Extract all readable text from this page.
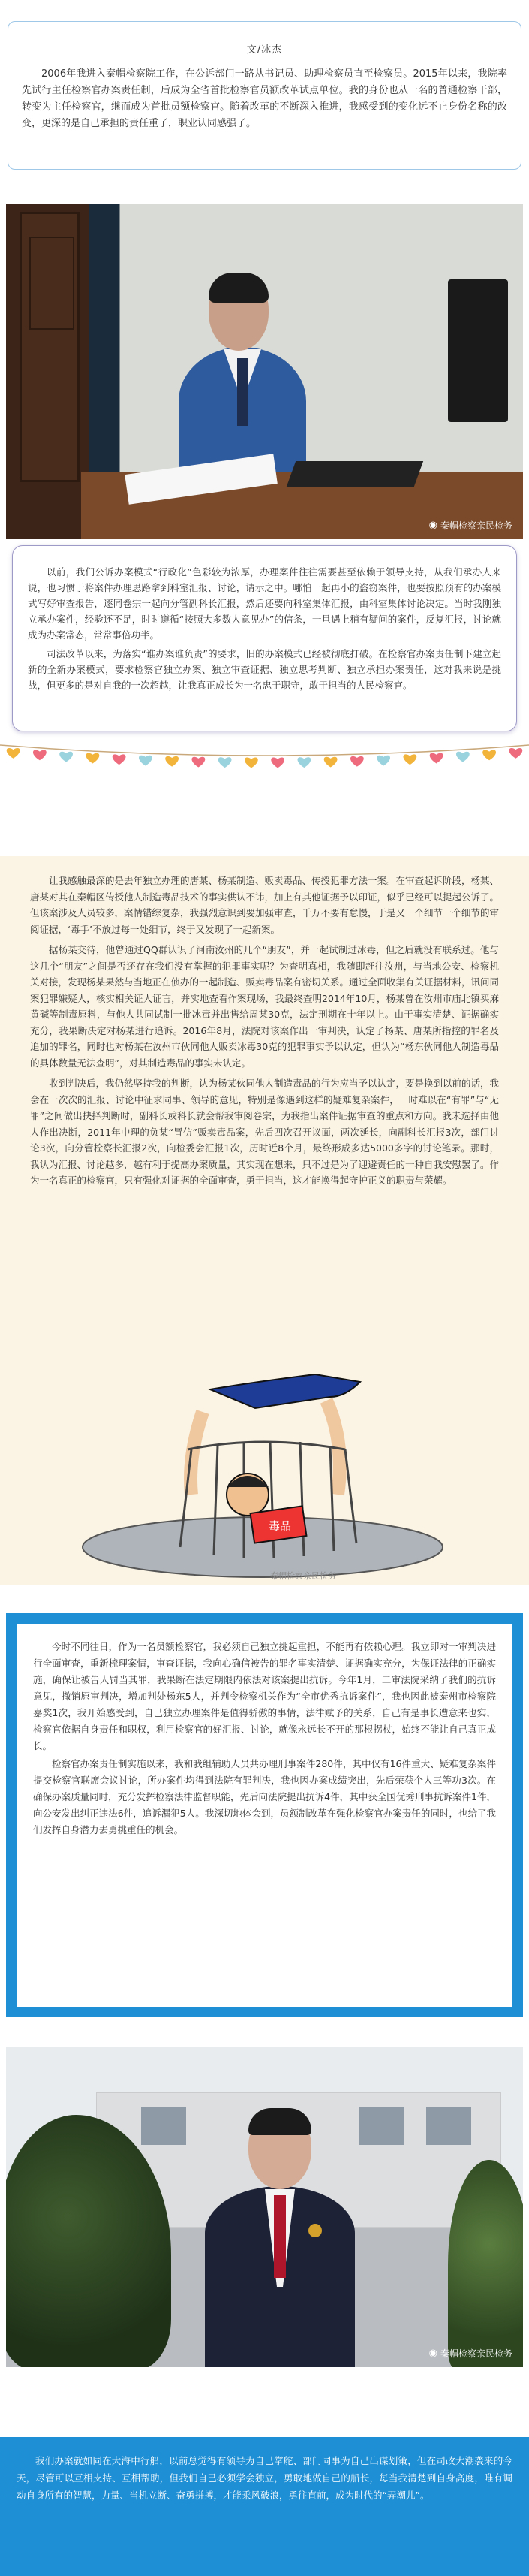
文/冰杰

2006年我进入秦帽检察院工作，在公诉部门一路从书记员、助理检察员直至检察员。2015年以来，我院率先试行主任检察官办案责任制，后成为全省首批检察官员额改革试点单位。我的身份也从一名的普通检察干部，转变为主任检察官，继而成为首批员额检察官。随着改革的不断深入推进，我感受到的变化远不止身份名称的改变，更深的是自己承担的责任重了，职业认同感强了。

◉ 秦帽检察亲民检务

以前，我们公诉办案模式“行政化”色彩较为浓厚，办理案件往往需要甚至依赖于领导支持，从我们承办人来说，也习惯于将案件办理思路拿到科室汇报、讨论，请示之中。哪怕一起再小的盗窃案件，也要按照预有的办案模式写好审查报告，逐同卷宗一起向分管副科长汇报，然后还要向科室集体汇报，由科室集体讨论决定。当时我刚独立承办案件，经验还不足，时时遵循“按照大多数人意见办”的信条，一旦遇上稍有疑问的案件，反复汇报，讨论就成为办案常态，常常事倍功半。

司法改革以来，为落实“谁办案谁负责”的要求，旧的办案模式已经被彻底打破。在检察官办案责任制下建立起新的全新办案模式，要求检察官独立办案、独立审查证据、独立思考判断、独立承担办案责任，这对我来说是挑战，但更多的是对自我的一次超越，让我真正成长为一名忠于职守，敢于担当的人民检察官。

让我感触最深的是去年独立办理的唐某、杨某制造、贩卖毒品、传授犯罪方法一案。在审查起诉阶段，杨某、唐某对其在秦帽区传授他人制造毒品技术的事实供认不讳，加上有其他证据予以印证，似乎已经可以提起公诉了。但该案涉及人员较多，案情错综复杂，我强烈意识到要加强审查，千万不要有怠慢，于是又一个细节一个细节的审阅证据，‘毒手’不放过每一处细节，终于又发现了一起新案。

据杨某交待，他曾通过QQ群认识了河南汝州的几个“朋友”，并一起试制过冰毒，但之后就没有联系过。他与这几个“朋友”之间是否还存在我们没有掌握的犯罪事实呢？为查明真相，我随即赶往汝州，与当地公安、检察机关对接，发现杨某果然与当地正在侦办的一起制造、贩卖毒品案有密切关系。通过全面收集有关证据材料，讯问同案犯罪嫌疑人，核实相关证人证言，并实地查看作案现场，我最终查明2014年10月，杨某曾在汝州市庙北镇买麻黄碱等制毒原料，与他人共同试制一批冰毒并出售给周某30克，法定刑期在十年以上。由于事实清楚、证据确实充分，我果断决定对杨某进行追诉。2016年8月，法院对该案作出一审判决，认定了杨某、唐某所指控的罪名及追加的罪名，同时也对杨某在汝州市伙同他人贩卖冰毒30克的犯罪事实予以认定，但认为“杨东伙同他人制造毒品的具体数量无法查明”，对其制造毒品的事实未认定。

收到判决后，我仍然坚持我的判断，认为杨某伙同他人制造毒品的行为应当予以认定，要是换到以前的话，我会在一次次的汇报、讨论中征求同事、领导的意见，特别是像遇到这样的疑难复杂案件，一时难以在“有罪”与“无罪”之间做出抉择判断时，副科长或科长就会帮我审阅卷宗，为我指出案件证据审查的重点和方向。我未选择由他人作出决断，2011年中理的负某“冒仿”贩卖毒品案，先后四次召开议面，两次延长，向副科长汇报3次，部门讨论3次，向分管检察长汇报2次，向检委会汇报1次，历时近8个月，最终形成多达5000多字的讨论笔录。那时，我认为汇报、讨论越多，越有利于提高办案质量，其实现在想来，只不过是为了迎避责任的一种自我安慰罢了。作为一名真正的检察官，只有强化对证据的全面审查，勇于担当，这才能换得起守护正义的职责与荣耀。

毒品
秦帽检察亲民检务

今时不同往日，作为一名员额检察官，我必须自己独立挑起重担，不能再有依赖心理。我立即对一审判决进行全面审查，重新梳理案情，审查证据，我向心确信被告的罪名事实清楚、证据确实充分，为保证法律的正确实施，确保让被告人罚当其罪，我果断在法定期限内依法对该案提出抗诉。今年1月，二审法院采纳了我们的抗诉意见，撤销原审判决，增加判处杨东5人，并判令检察机关作为“全市优秀抗诉案件”，我也因此被泰州市检察院嘉奖1次，我开始感受到，自己独立办理案件是值得骄傲的事情，法律赋予的关系，自己有是事长遭意来也实，检察官依据自身责任和职权，利用检察官的好汇报、讨论，就像永远长不开的那根拐杖，始终不能让自己真正成长。

检察官办案责任制实施以来，我和我组辅助人员共办理刑事案件280件，其中仅有16件重大、疑难复杂案件提交检察官联席会议讨论，所办案件均得到法院有罪判决，我也因办案成绩突出，先后荣获个人三等功3次。在确保办案质量同时，充分发挥检察法律监督职能，先后向法院提出抗诉4件，其中获全国优秀刑事抗诉案件1件，向公安发出纠正违法6件，追诉漏犯5人。我深切地体会到，员额制改革在强化检察官办案责任的同时，也给了我们发挥自身潜力去勇挑重任的机会。

◉ 秦帽检察亲民检务

我们办案就如同在大海中行船，以前总觉得有领导为自己掌舵、部门同事为自己出谋划策，但在司改大潮袭来的今天，尽管可以互相支持、互相帮助，但我们自己必须学会独立，勇敢地做自己的船长，每当我清楚到自身高度，唯有调动自身所有的智慧，力量、当机立断、奋勇拼搏，才能乘风破浪，勇往直前，成为时代的“弄潮儿”。
